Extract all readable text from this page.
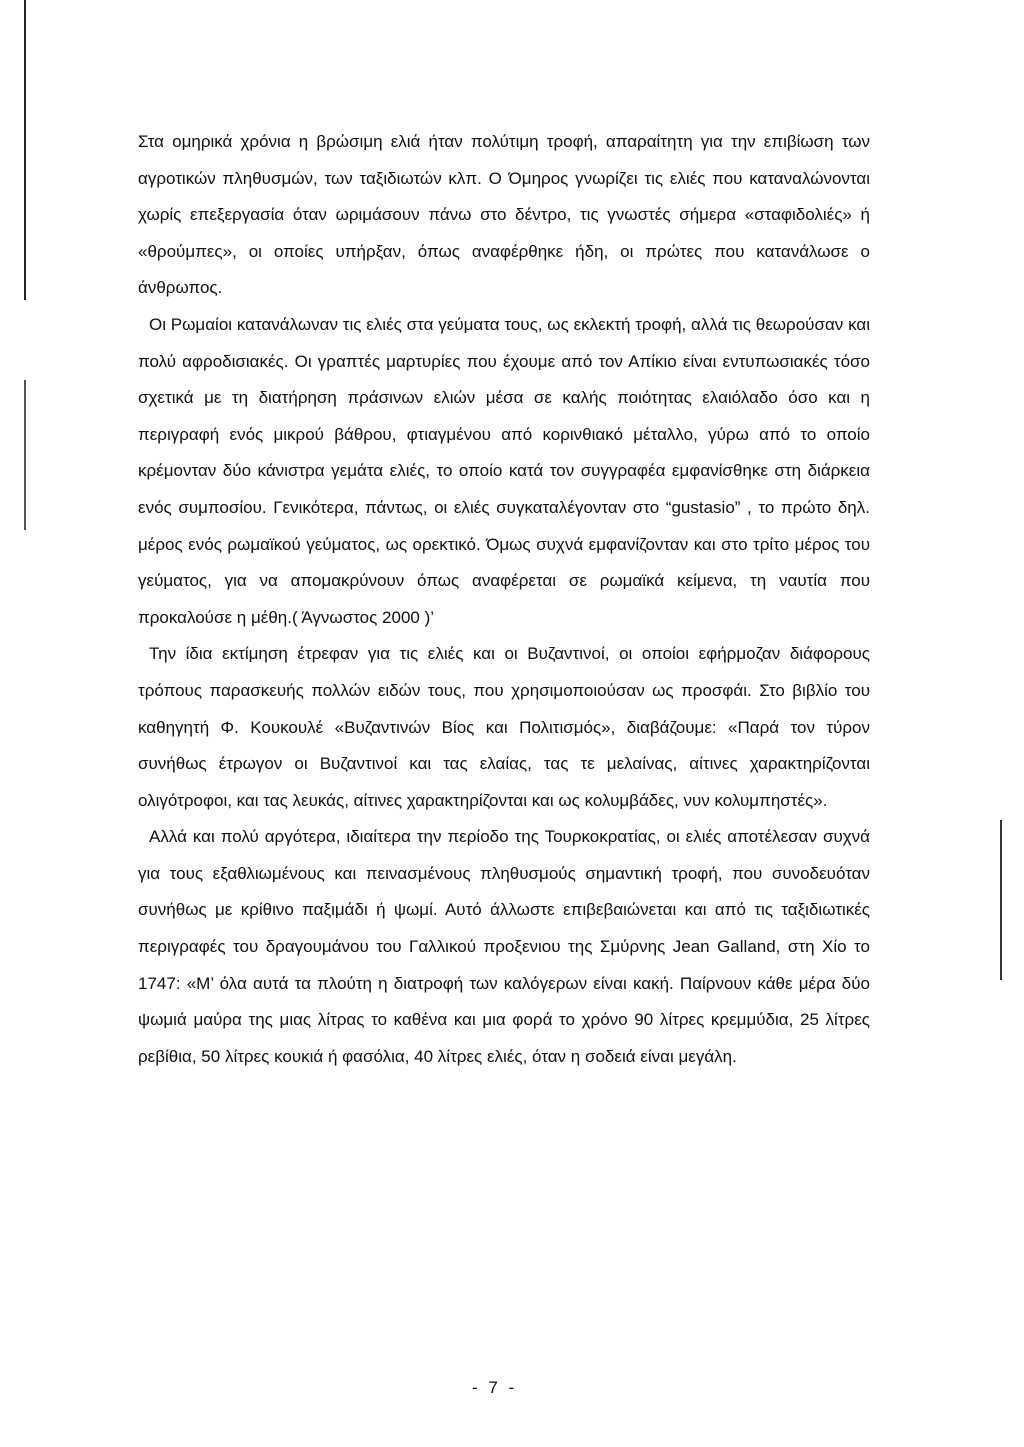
Στα ομηρικά χρόνια η βρώσιμη ελιά ήταν πολύτιμη τροφή, απαραίτητη για την επιβίωση των αγροτικών πληθυσμών, των ταξιδιωτών κλπ. Ο Όμηρος γνωρίζει τις ελιές που καταναλώνονται χωρίς επεξεργασία όταν ωριμάσουν πάνω στο δέντρο, τις γνωστές σήμερα «σταφιδολιές» ή «θρούμπες», οι οποίες υπήρξαν, όπως αναφέρθηκε ήδη, οι πρώτες που κατανάλωσε ο άνθρωπος.

Οι Ρωμαίοι κατανάλωναν τις ελιές στα γεύματα τους, ως εκλεκτή τροφή, αλλά τις θεωρούσαν και πολύ αφροδισιακές. Οι γραπτές μαρτυρίες που έχουμε από τον Απίκιο είναι εντυπωσιακές τόσο σχετικά με τη διατήρηση πράσινων ελιών μέσα σε καλής ποιότητας ελαιόλαδο όσο και η περιγραφή ενός μικρού βάθρου, φτιαγμένου από κορινθιακό μέταλλο, γύρω από το οποίο κρέμονταν δύο κάνιστρα γεμάτα ελιές, το οποίο κατά τον συγγραφέα εμφανίσθηκε στη διάρκεια ενός συμποσίου. Γενικότερα, πάντως, οι ελιές συγκαταλέγονταν στο “gustasio” , το πρώτο δηλ. μέρος ενός ρωμαϊκού γεύματος, ως ορεκτικό. Όμως συχνά εμφανίζονταν και στο τρίτο μέρος του γεύματος, για να απομακρύνουν όπως αναφέρεται σε ρωμαϊκά κείμενα, τη ναυτία που προκαλούσε η μέθη.( Άγνωστος 2000 )’

Την ίδια εκτίμηση έτρεφαν για τις ελιές και οι Βυζαντινοί, οι οποίοι εφήρμοζαν διάφορους τρόπους παρασκευής πολλών ειδών τους, που χρησιμοποιούσαν ως προσφάι. Στο βιβλίο του καθηγητή Φ. Κουκουλέ «Βυζαντινών Βίος και Πολιτισμός», διαβάζουμε: «Παρά τον τύρον συνήθως έτρωγον οι Βυζαντινοί και τας ελαίας, τας τε μελαίνας, αίτινες χαρακτηρίζονται ολιγότροφοι, και τας λευκάς, αίτινες χαρακτηρίζονται και ως κολυμβάδες, νυν κολυμπηστές».

Αλλά και πολύ αργότερα, ιδιαίτερα την περίοδο της Τουρκοκρατίας, οι ελιές αποτέλεσαν συχνά για τους εξαθλιωμένους και πεινασμένους πληθυσμούς σημαντική τροφή, που συνοδευόταν συνήθως με κρίθινο παξιμάδι ή ψωμί. Αυτό άλλωστε επιβεβαιώνεται και από τις ταξιδιωτικές περιγραφές του δραγουμάνου του Γαλλικού προξενιου της Σμύρνης Jean Galland, στη Χίο το 1747: «Μ’ όλα αυτά τα πλούτη η διατροφή των καλόγερων είναι κακή. Παίρνουν κάθε μέρα δύο ψωμιά μαύρα της μιας λίτρας το καθένα και μια φορά το χρόνο 90 λίτρες κρεμμύδια, 25 λίτρες ρεβίθια, 50 λίτρες κουκιά ή φασόλια, 40 λίτρες ελιές, όταν η σοδειά είναι μεγάλη.

- 7 -
